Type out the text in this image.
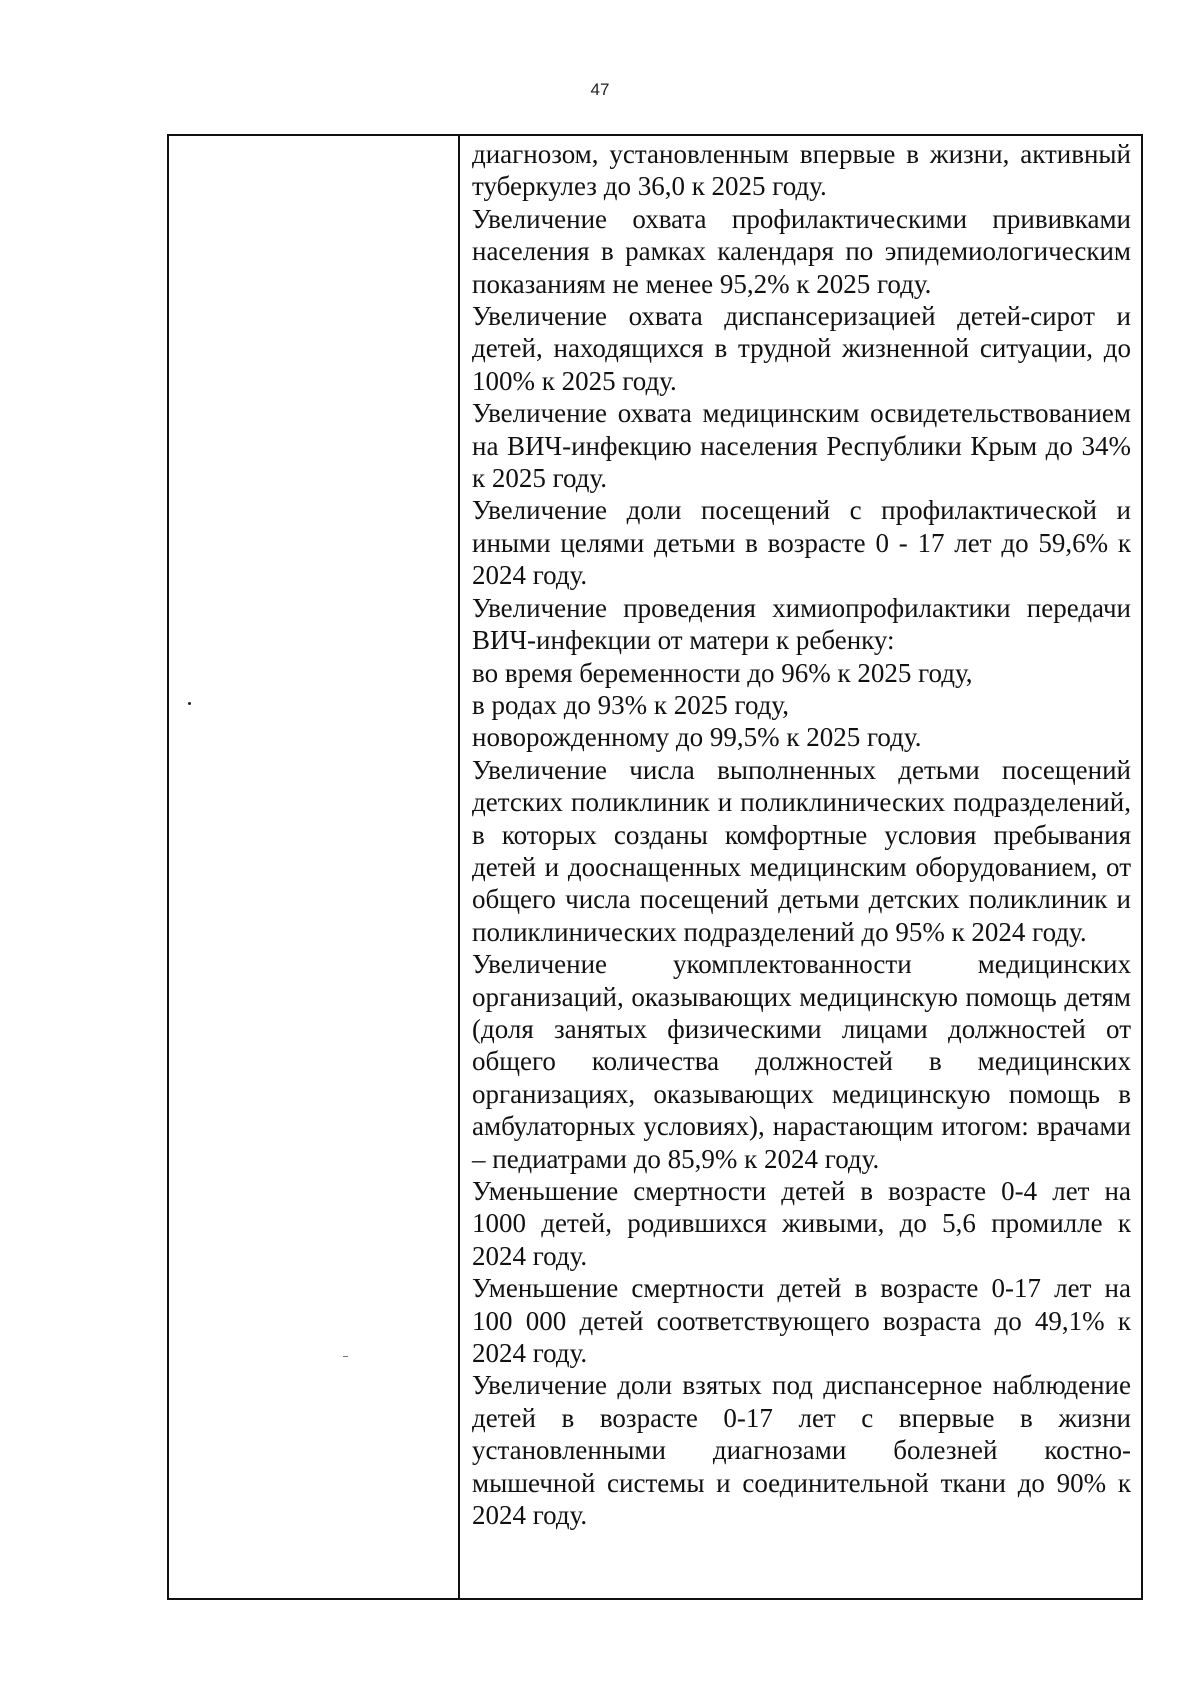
47

диагнозом, установленным впервые в жизни, активный туберкулез до 36,0 к 2025 году.

Увеличение охвата профилактическими прививками населения в рамках календаря по эпидемиологическим показаниям не менее 95,2% к 2025 году.

Увеличение охвата диспансеризацией детей-сирот и детей, находящихся в трудной жизненной ситуации, до 100% к 2025 году.

Увеличение охвата медицинским освидетельствованием на ВИЧ-инфекцию населения Республики Крым до 34% к 2025 году.

Увеличение доли посещений с профилактической и иными целями детьми в возрасте 0 - 17 лет до 59,6% к 2024 году.

Увеличение проведения химиопрофилактики передачи ВИЧ-инфекции от матери к ребенку:

во время беременности до 96% к 2025 году,

в родах до 93% к 2025 году,

новорожденному до 99,5% к 2025 году.

Увеличение числа выполненных детьми посещений детских поликлиник и поликлинических подразделений, в которых созданы комфортные условия пребывания детей и дооснащенных медицинским оборудованием, от общего числа посещений детьми детских поликлиник и поликлинических подразделений до 95% к 2024 году.

Увеличение укомплектованности медицинских организаций, оказывающих медицинскую помощь детям (доля занятых физическими лицами должностей от общего количества должностей в медицинских организациях, оказывающих медицинскую помощь в амбулаторных условиях), нарастающим итогом: врачами – педиатрами до 85,9% к 2024 году.

Уменьшение смертности детей в возрасте 0-4 лет на 1000 детей, родившихся живыми, до 5,6 промилле к 2024 году.

Уменьшение смертности детей в возрасте 0-17 лет на 100 000 детей соответствующего возраста до 49,1% к 2024 году.

Увеличение доли взятых под диспансерное наблюдение детей в возрасте 0-17 лет с впервые в жизни установленными диагнозами болезней костно-мышечной системы и соединительной ткани до 90% к 2024 году.
